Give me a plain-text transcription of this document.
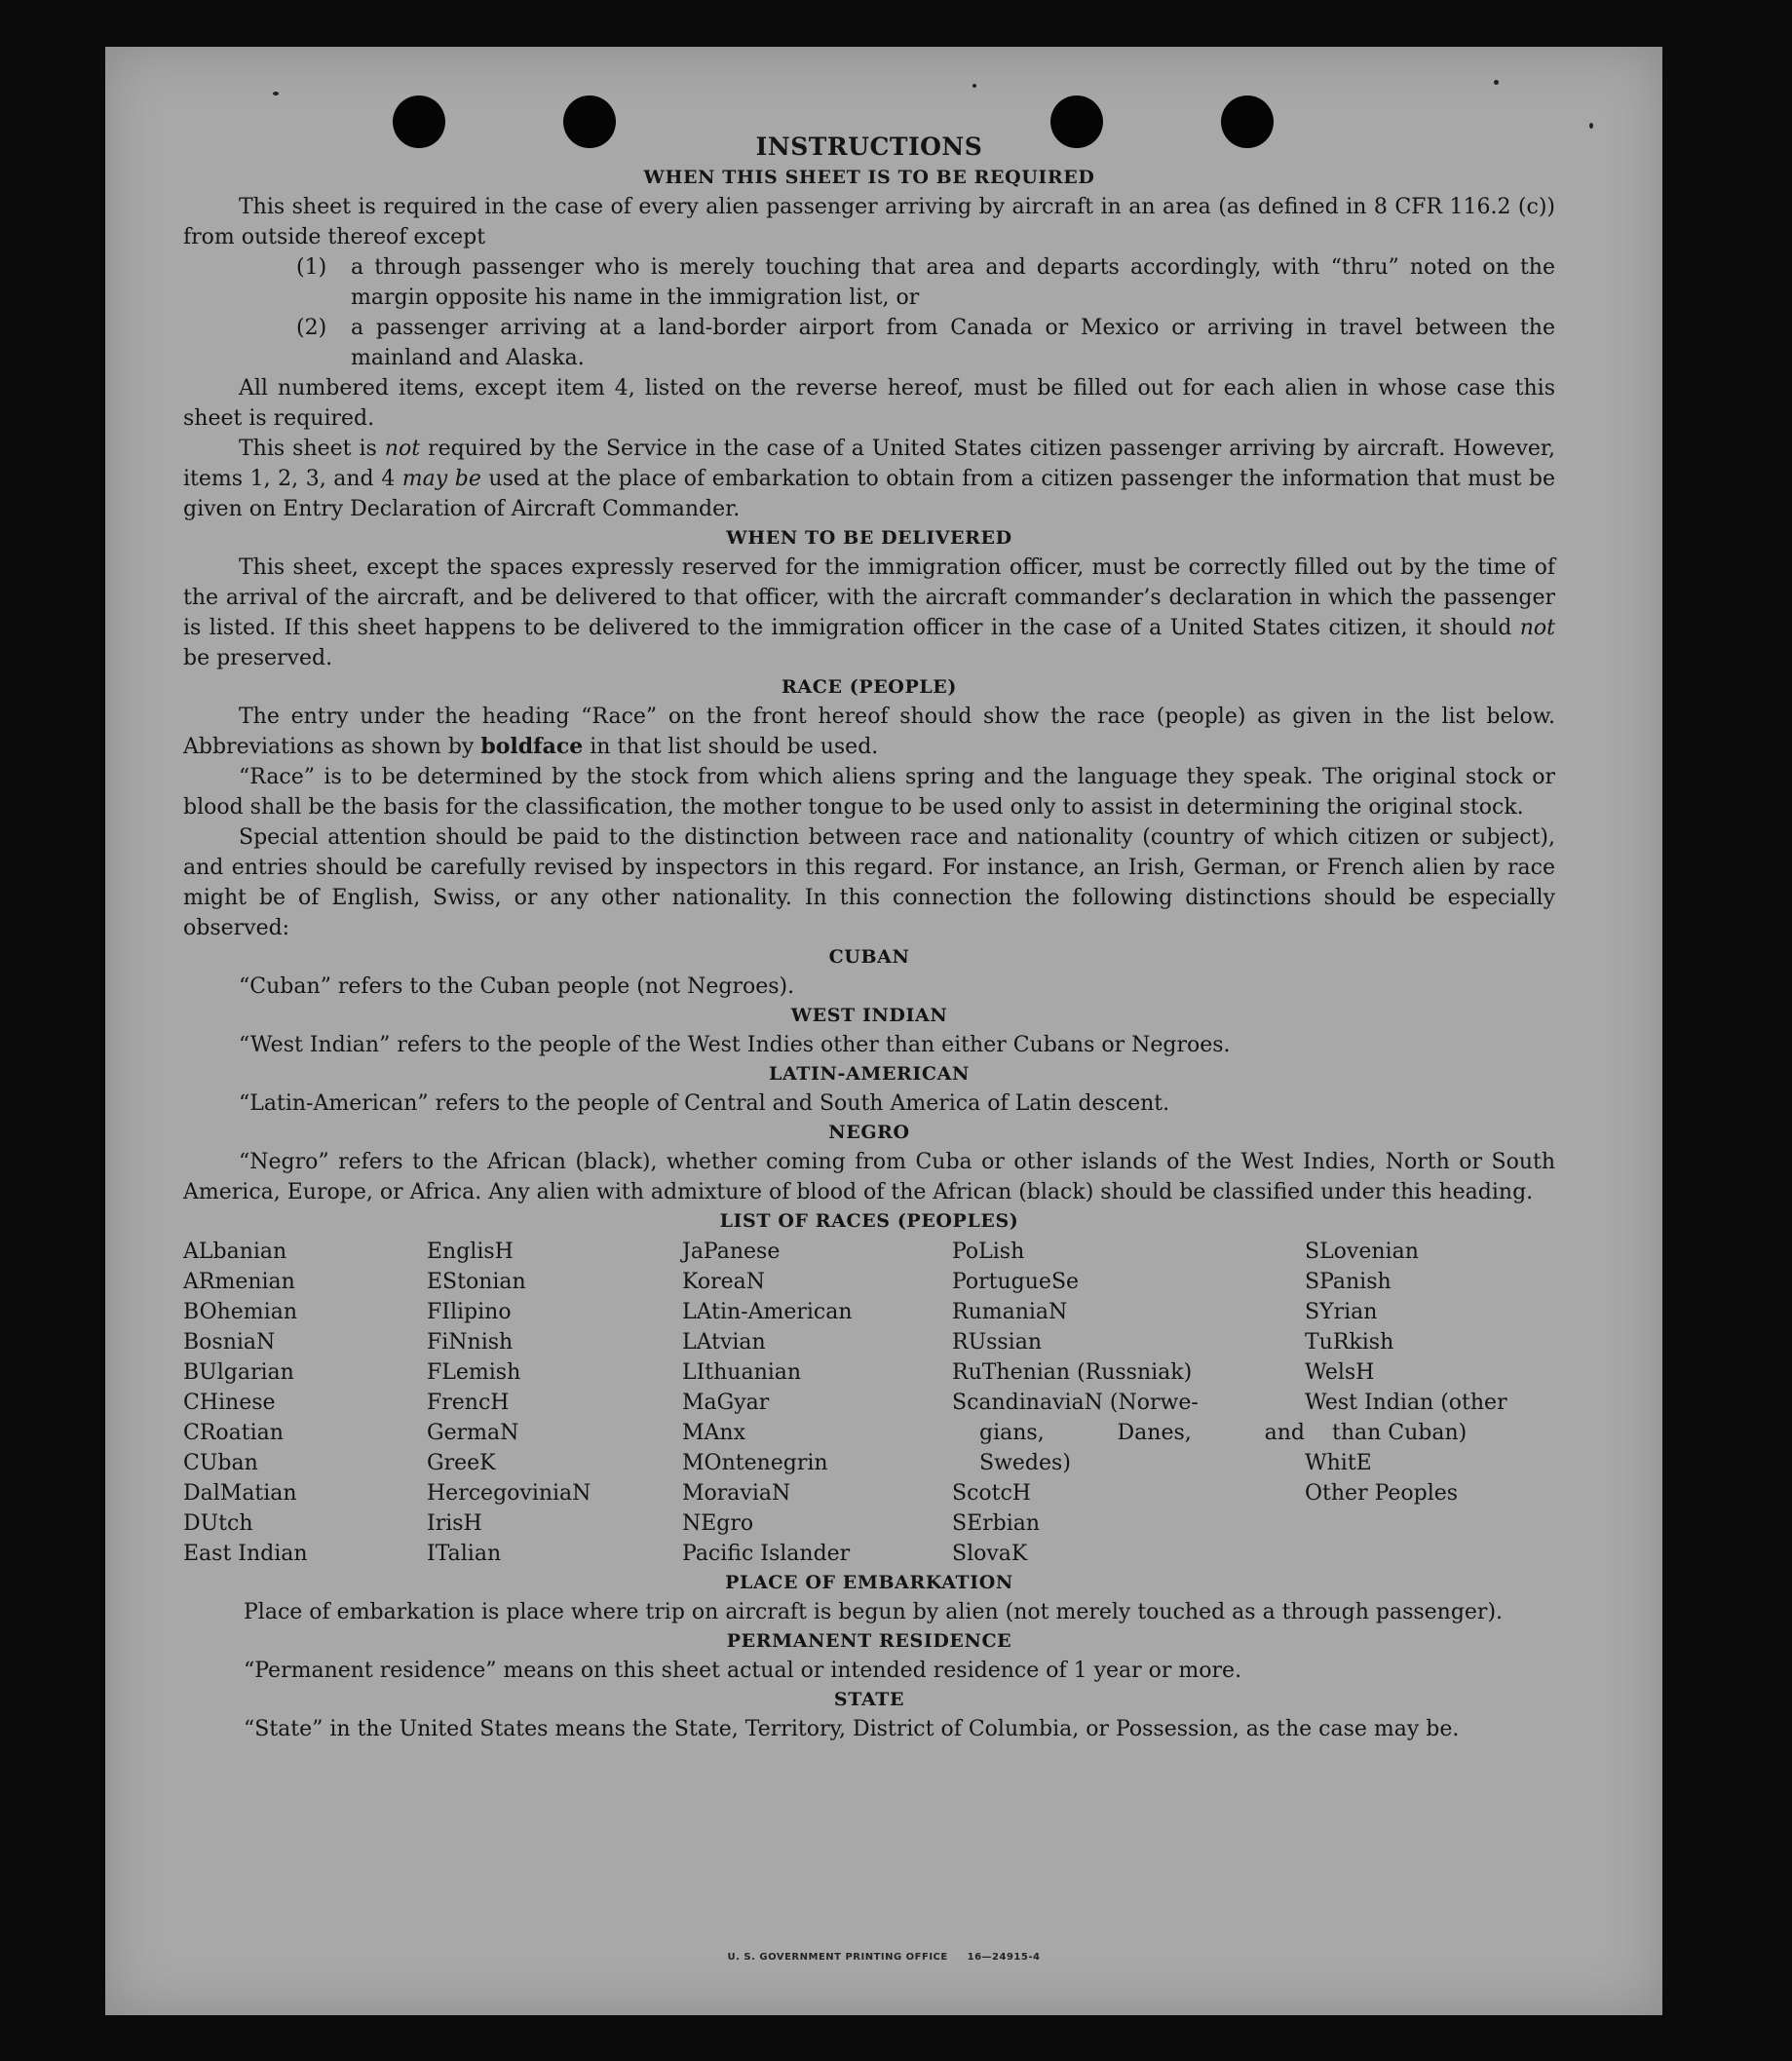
INSTRUCTIONS
WHEN THIS SHEET IS TO BE REQUIRED

This sheet is required in the case of every alien passenger arriving by aircraft in an area (as defined in 8 CFR 116.2 (c)) from outside thereof except

(1)	a through passenger who is merely touching that area and departs accordingly, with “thru” noted on the margin opposite his name in the immigration list, or
(2)	a passenger arriving at a land-border airport from Canada or Mexico or arriving in travel between the mainland and Alaska.

All numbered items, except item 4, listed on the reverse hereof, must be filled out for each alien in whose case this sheet is required.

This sheet is not required by the Service in the case of a United States citizen passenger arriving by aircraft. However, items 1, 2, 3, and 4 may be used at the place of embarkation to obtain from a citizen passenger the information that must be given on Entry Declaration of Aircraft Commander.

WHEN TO BE DELIVERED

This sheet, except the spaces expressly reserved for the immigration officer, must be correctly filled out by the time of the arrival of the aircraft, and be delivered to that officer, with the aircraft commander’s declaration in which the passenger is listed. If this sheet happens to be delivered to the immigration officer in the case of a United States citizen, it should not be preserved.

RACE (PEOPLE)

The entry under the heading “Race” on the front hereof should show the race (people) as given in the list below. Abbreviations as shown by boldface in that list should be used.

“Race” is to be determined by the stock from which aliens spring and the language they speak. The original stock or blood shall be the basis for the classification, the mother tongue to be used only to assist in determining the original stock.

Special attention should be paid to the distinction between race and nationality (country of which citizen or subject), and entries should be carefully revised by inspectors in this regard. For instance, an Irish, German, or French alien by race might be of English, Swiss, or any other nationality. In this connection the following distinctions should be especially observed:

CUBAN

“Cuban” refers to the Cuban people (not Negroes).

WEST INDIAN

“West Indian” refers to the people of the West Indies other than either Cubans or Negroes.

LATIN-AMERICAN

“Latin-American” refers to the people of Central and South America of Latin descent.

NEGRO

“Negro” refers to the African (black), whether coming from Cuba or other islands of the West Indies, North or South America, Europe, or Africa. Any alien with admixture of blood of the African (black) should be classified under this heading.

LIST OF RACES (PEOPLES)
ALbanian
ARmenian
BOhemian
BosniaN
BUlgarian
CHinese
CRoatian
CUban
DalMatian
DUtch
East Indian
EnglisH
EStonian
FIlipino
FiNnish
FLemish
FrencH
GermaN
GreeK
HercegoviniaN
IrisH
ITalian
JaPanese
KoreaN
LAtin-American
LAtvian
LIthuanian
MaGyar
MAnx
MOntenegrin
MoraviaN
NEgro
Pacific Islander
PoLish
PortugueSe
RumaniaN
RUssian
RuThenian (Russniak)
ScandinaviaN (Norwe-
gians, Danes, and
Swedes)
ScotcH
SErbian
SlovaK
SLovenian
SPanish
SYrian
TuRkish
WelsH
West Indian (other
than Cuban)
WhitE
Other Peoples
PLACE OF EMBARKATION

Place of embarkation is place where trip on aircraft is begun by alien (not merely touched as a through passenger).

PERMANENT RESIDENCE

“Permanent residence” means on this sheet actual or intended residence of 1 year or more.

STATE

“State” in the United States means the State, Territory, District of Columbia, or Possession, as the case may be.

U. S. GOVERNMENT PRINTING OFFICE     16—24915-4
